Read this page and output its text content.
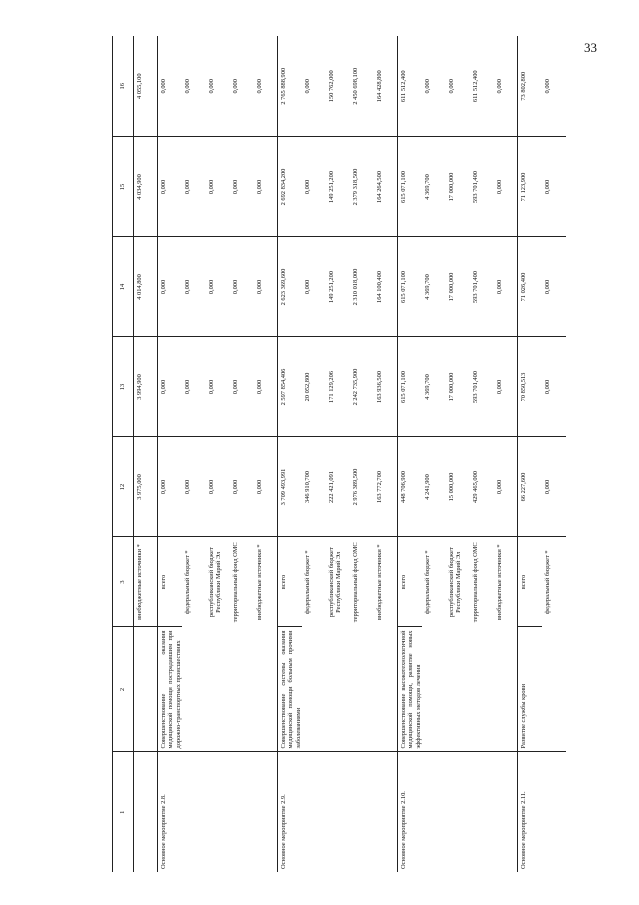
33
1	2	3	12	13	14	15	16
		внебюджетные источники *	3 975,000	3 994,900	4 014,800	4 034,900	4 055,100
Основное мероприятие 2.8.	Совершенствование оказания медицинской помощи пострадавшим при дорожно-транспортных происшествиях	всего	0,000	0,000	0,000	0,000	0,000
		федеральный бюджет *	0,000	0,000	0,000	0,000	0,000
		республиканский бюджет Республики Марий Эл	0,000	0,000	0,000	0,000	0,000
		территориальный фонд ОМС	0,000	0,000	0,000	0,000	0,000
		внебюджетные источники *	0,000	0,000	0,000	0,000	0,000
Основное мероприятие 2.9.	Совершенствование системы оказания медицинской помощи больным прочими заболеваниями	всего	3 709 493,991	2 597 854,406	2 623 369,600	2 692 834,200	2 765 888,900
		федеральный бюджет *	346 910,700	20 052,800	0,000	0,000	0,000
		республиканский бюджет Республики Марий Эл	222 421,091	171 129,206	149 251,200	149 251,200	150 762,000
		территориальный фонд ОМС	2 976 389,500	2 242 735,900	2 310 018,000	2 379 318,500	2 450 698,100
		внебюджетные источники *	163 772,700	163 936,500	164 100,400	164 264,500	164 428,800
Основное мероприятие 2.10.	Совершенствование высокотехнологичной медицинской помощи, развитие новых эффективных методов лечения	всего	448 706,900	615 071,100	615 071,100	615 071,100	611 512,400
		федеральный бюджет *	4 241,900	4 369,700	4 369,700	4 369,700	0,000
		республиканский бюджет Республики Марий Эл	15 000,000	17 000,000	17 000,000	17 000,000	0,000
		территориальный фонд ОМС	429 465,000	593 701,400	593 701,400	593 701,400	611 512,400
		внебюджетные источники *	0,000	0,000	0,000	0,000	0,000
Основное мероприятие 2.11.	Развитие службы крови	всего	66 227,600	70 850,513	71 026,400	71 123,900	73 802,800
		федеральный бюджет *	0,000	0,000	0,000	0,000	0,000
